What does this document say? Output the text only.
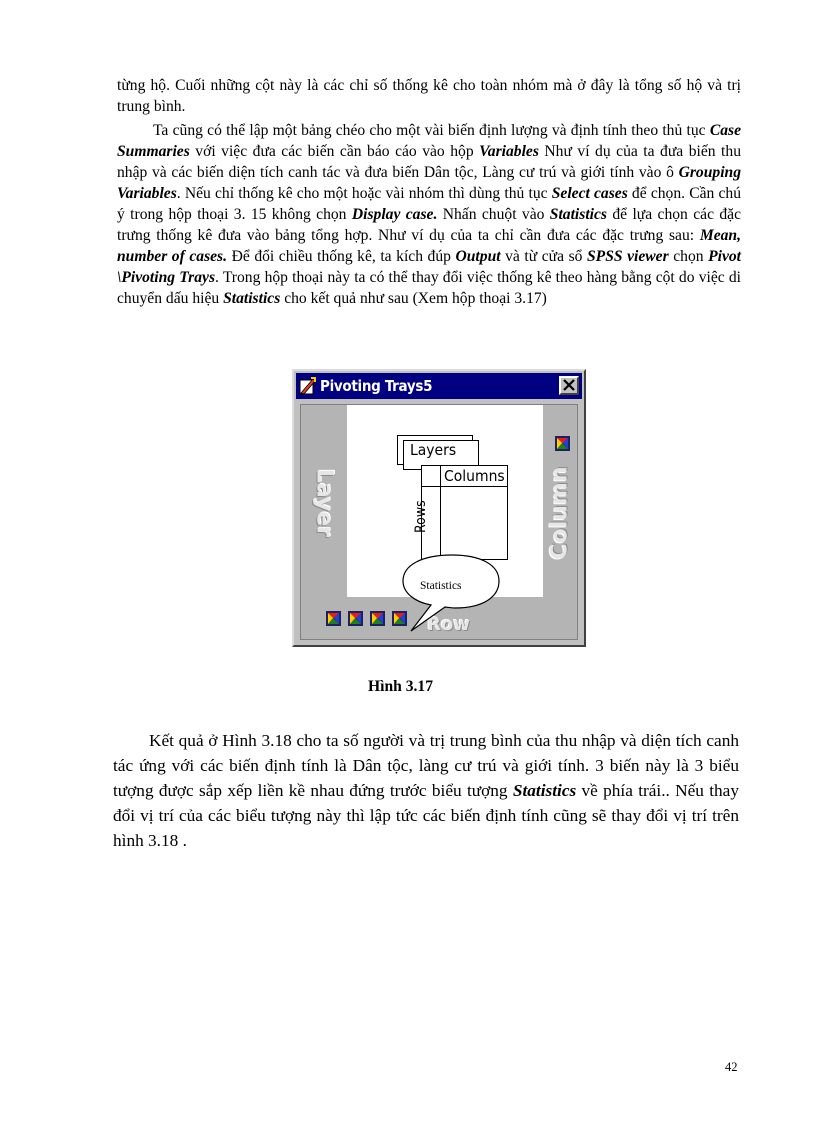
từng hộ. Cuối những cột này là các chỉ số thống kê cho toàn nhóm mà ở đây là tổng số hộ và trị trung bình.

Ta cũng có thể lập một bảng chéo cho một vài biến định lượng và định tính theo thủ tục Case Summaries với việc đưa các biến cần báo cáo vào hộp Variables Như ví dụ của ta đưa biến thu nhập và các biến diện tích canh tác và đưa biến Dân tộc, Làng cư trú và giới tính vào ô Grouping Variables. Nếu chỉ thống kê cho một hoặc vài nhóm thì dùng thủ tục Select cases để chọn. Cần chú ý trong hộp thoại 3. 15 không chọn Display case. Nhấn chuột vào Statistics để lựa chọn các đặc trưng thống kê đưa vào bảng tổng hợp. Như ví dụ của ta chỉ cần đưa các đặc trưng sau: Mean, number of cases. Để đổi chiều thống kê, ta kích đúp Output và từ cửa sổ SPSS viewer chọn Pivot \Pivoting Trays. Trong hộp thoại này ta có thể thay đổi việc thống kê theo hàng bằng cột do việc di chuyển dấu hiệu Statistics cho kết quả như sau (Xem hộp thoại 3.17)

Pivoting Trays5
Layer	Column
Row
Layers
Columns
Rows
Statistics
Hình 3.17

Kết quả ở Hình 3.18 cho ta số người và trị trung bình của thu nhập và diện tích canh tác ứng với các biến định tính là Dân tộc, làng cư trú và giới tính. 3 biến này là 3 biểu tượng được sắp xếp liền kề nhau đứng trước biểu tượng Statistics về phía trái.. Nếu thay đổi vị trí của các biểu tượng này thì lập tức các biến định tính cũng sẽ thay đổi vị trí trên hình 3.18 .

42
